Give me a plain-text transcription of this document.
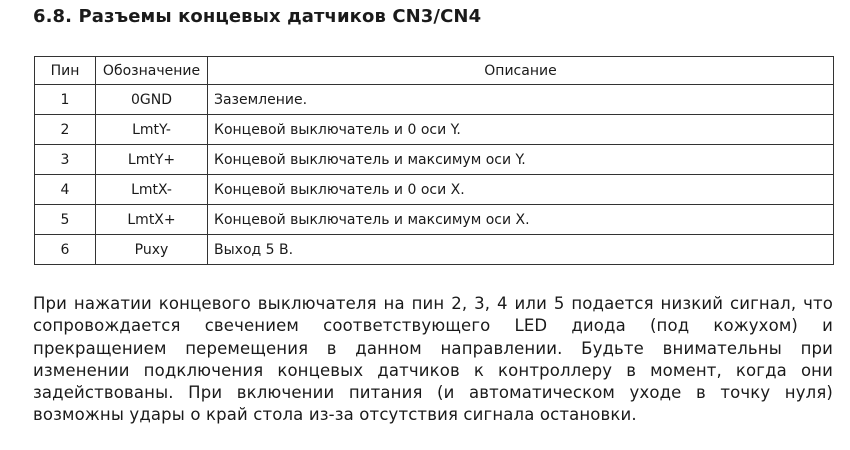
6.8. Разъемы концевых датчиков CN3/CN4
Пин	Обозначение	Описание
1	0GND	Заземление.
2	LmtY-	Концевой выключатель и 0 оси Y.
3	LmtY+	Концевой выключатель и максимум оси Y.
4	LmtX-	Концевой выключатель и 0 оси X.
5	LmtX+	Концевой выключатель и максимум оси X.
6	Puxy	Выход 5 В.
При нажатии концевого выключателя на пин 2, 3, 4 или 5 подается низкий сигнал, что
сопровождается свечением соответствующего LED диода (под кожухом) и
прекращением перемещения в данном направлении. Будьте внимательны при
изменении подключения концевых датчиков к контроллеру в момент, когда они
задействованы. При включении питания (и автоматическом уходе в точку нуля)
возможны удары о край стола из-за отсутствия сигнала остановки.
